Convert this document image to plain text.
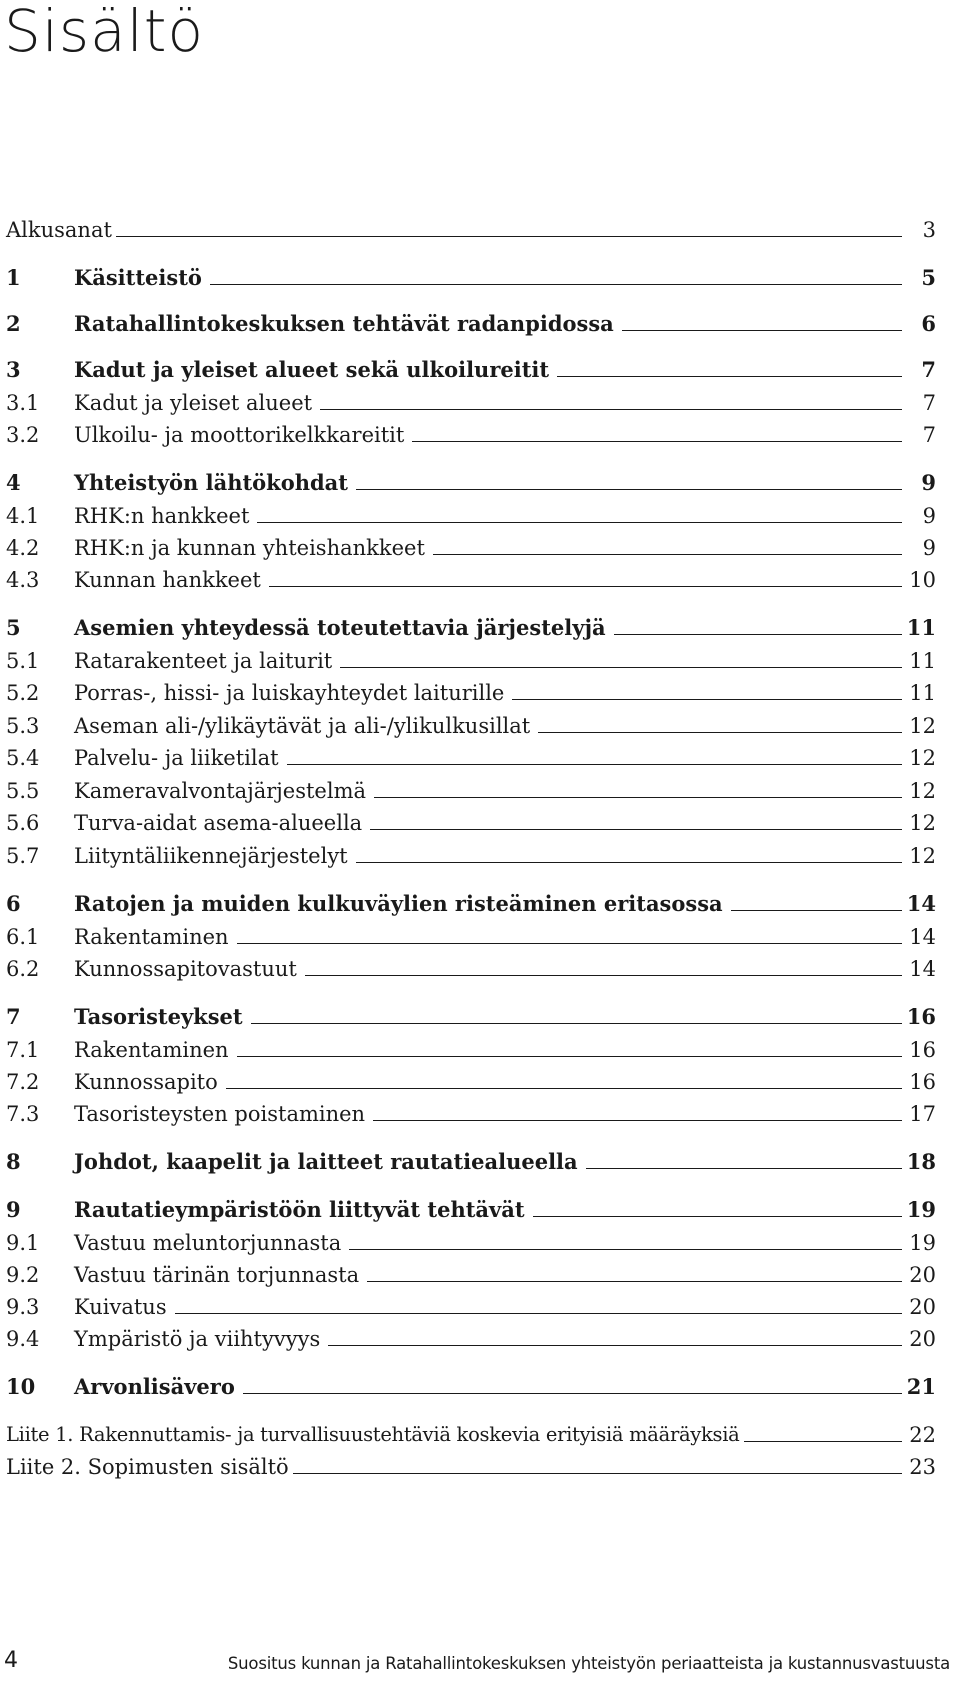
Sisältö
Alkusanat	3
1	Käsitteistö	5
2	Ratahallintokeskuksen tehtävät radanpidossa	6
3	Kadut ja yleiset alueet sekä ulkoilureitit	7
3.1	Kadut ja yleiset alueet	7
3.2	Ulkoilu- ja moottorikelkkareitit	7
4	Yhteistyön lähtökohdat	9
4.1	RHK:n hankkeet	9
4.2	RHK:n ja kunnan yhteishankkeet	9
4.3	Kunnan hankkeet	10
5	Asemien yhteydessä toteutettavia järjestelyjä	11
5.1	Ratarakenteet ja laiturit	11
5.2	Porras-, hissi- ja luiskayhteydet laiturille	11
5.3	Aseman ali-/ylikäytävät ja ali-/ylikulkusillat	12
5.4	Palvelu- ja liiketilat	12
5.5	Kameravalvontajärjestelmä	12
5.6	Turva-aidat asema-alueella	12
5.7	Liityntäliikennejärjestelyt	12
6	Ratojen ja muiden kulkuväylien risteäminen eritasossa	14
6.1	Rakentaminen	14
6.2	Kunnossapitovastuut	14
7	Tasoristeykset	16
7.1	Rakentaminen	16
7.2	Kunnossapito	16
7.3	Tasoristeysten poistaminen	17
8	Johdot, kaapelit ja laitteet rautatiealueella	18
9	Rautatieympäristöön liittyvät tehtävät	19
9.1	Vastuu meluntorjunnasta	19
9.2	Vastuu tärinän torjunnasta	20
9.3	Kuivatus	20
9.4	Ympäristö ja viihtyvyys	20
10	Arvonlisävero	21
Liite 1. Rakennuttamis- ja turvallisuustehtäviä koskevia erityisiä määräyksiä	22
Liite 2. Sopimusten sisältö	23
4	Suositus kunnan ja Ratahallintokeskuksen yhteistyön periaatteista ja kustannusvastuusta
